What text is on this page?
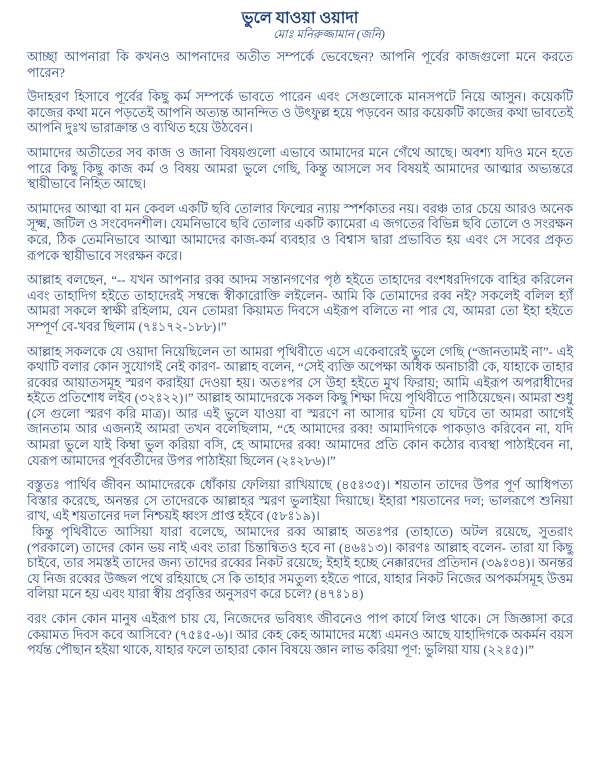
ভুলে যাওয়া ওয়াদা
মোঃ মনিরুজ্জামান (জনি)

আচ্ছা আপনারা কি কখনও আপনাদের অতীত সম্পর্কে ভেবেছেন? আপনি পূর্বের কাজগুলো মনে করতে পারেন?

উদাহরণ হিসাবে পূর্বের কিছু কর্ম সম্পর্কে ভাবতে পারেন এবং সেগুলোকে মানসপটে নিয়ে আসুন। কয়েকটি কাজের কথা মনে পড়তেই আপনি অত্যন্ত আনন্দিত ও উৎফুল্ল হয়ে পড়বেন আর কয়েকটি কাজের কথা ভাবতেই আপনি দুঃখ ভারাক্রান্ত ও ব্যথিত হয়ে উঠবেন।

আমাদের অতীতের সব কাজ ও জানা বিষয়গুলো এভাবে আমাদের মনে গেঁথে আছে। অবশ্য যদিও মনে হতে পারে কিছু কিছু কাজ কর্ম ও বিষয় আমরা ভুলে গেছি, কিন্তু আসলে সব বিষয়ই আমাদের আত্মার অভ্যন্তরে স্থায়ীভাবে নিহিত আছে।

আমাদের আত্মা বা মন কেবল একটি ছবি তোলার ফিল্মের ন্যায় স্পর্শকাতর নয়। বরঞ্চ তার চেয়ে আরও অনেক সূক্ষ্ম, জটিল ও সংবেদনশীল। যেমনিভাবে ছবি তোলার একটি ক্যামেরা এ জগতের বিভিন্ন ছবি তোলে ও সংরক্ষন করে, ঠিক তেমনিভাবে আত্মা আমাদের কাজ-কর্ম ব্যবহার ও বিশ্বাস দ্বারা প্রভাবিত হয় এবং সে সবের প্রকৃত রূপকে স্থায়ীভাবে সংরক্ষন করে।

আল্লাহ বলছেন, “-- যখন আপনার রব্ব আদম সন্তানগণের পৃষ্ঠ হইতে তাহাদের বংশধরদিগকে বাহির করিলেন এবং তাহাদিগ হইতে তাহাদেরই সম্বন্ধে স্বীকারোক্তি লইলেন- আমি কি তোমাদের রব্ব নই? সকলেই বলিল হ্যাঁ আমরা সকলে স্বাক্ষী রহিলাম, যেন তোমরা কিয়ামত দিবসে এইরূপ বলিতে না পার যে, আমরা তো ইহা হইতে সম্পূর্ণ বে-খবর ছিলাম (৭ঃ১৭২-১৮৮)।”

আল্লাহ সকলকে যে ওয়াদা নিয়েছিলেন তা আমরা পৃথিবীতে এসে একেবারেই ভুলে গেছি (“জানতামই না”- এই কথাটি বলার কোন সুযোগই নেই কারণ- আল্লাহ বলেন, “সেই ব্যক্তি অপেক্ষা অধিক অনাচারী কে, যাহাকে তাহার রব্বের আয়াতসমূহ স্মরণ করাইয়া দেওয়া হয়। অতঃপর সে উহা হইতে মুখ ফিরায়; আমি এইরূপ অপরাধীদের হইতে প্রতিশোধ লইব (৩২ঃ২২)।” আল্লাহ আমাদেরকে সকল কিছু শিক্ষা দিয়ে পৃথিবীতে পাঠিয়েছেন। আমরা শুধু (সে গুলো স্মরণ করি মাত্র)। আর এই ভুলে যাওয়া বা স্মরণে না আসার ঘটনা যে ঘটবে তা আমরা আগেই জানতাম আর এজন্যই আমরা তখন বলেছিলাম, “হে আমাদের রব্ব! আমাদিগকে পাকড়াও করিবেন না, যদি আমরা ভুলে যাই কিম্বা ভুল করিয়া বসি, হে আমাদের রব্ব! আমাদের প্রতি কোন কঠোর ব্যবস্থা পাঠাইবেন না, যেরূপ আমাদের পূর্ববর্তীদের উপর পাঠাইয়া ছিলেন (২ঃ২৮৬)।”

বস্তুতঃ পার্থিব জীবন আমাদেরকে ধোঁকায় ফেলিয়া রাখিয়াছে (৪৫ঃ৩৫)। শয়তান তাদের উপর পূর্ণ আধিপত্য বিস্তার করেছে, অনন্তর সে তাদেরকে আল্লাহর স্মরণ ভুলাইয়া দিয়াছে। ইহারা শয়তানের দল; ভালরূপে শুনিয়া রাখ, এই শয়তানের দল নিশ্চয়ই ধ্বংস প্রাপ্ত হইবে (৫৮ঃ১৯)।

কিন্তু পৃথিবীতে আসিয়া যারা বলেছে, আমাদের রব্ব আল্লাহ অতঃপর (তাহাতে) অটল রয়েছে, সুতরাং (পরকালে) তাদের কোন ভয় নাই এবং তারা চিন্তান্বিতও হবে না (৪৬ঃ১৩)। কারণঃ আল্লাহ বলেন- তারা যা কিছু চাইবে, তার সমস্তই তাদের জন্য তাদের রব্বের নিকট রয়েছে; ইহাই হচ্ছে নেক্কারদের প্রতিদান (৩৯ঃ৩৪)। অনন্তর যে নিজ রব্বের উজ্জল পথে রহিয়াছে সে কি তাহার সমতুল্য হইতে পারে, যাহার নিকট নিজের অপকর্মসমূহ উত্তম বলিয়া মনে হয় এবং যারা স্বীয় প্রবৃত্তির অনুসরণ করে চলে? (৪৭ঃ১৪)

বরং কোন কোন মানুষ এইরূপ চায় যে, নিজেদের ভবিষ্যৎ জীবনেও পাপ কার্যে লিপ্ত থাকে। সে জিজ্ঞাসা করে কেয়ামত দিবস কবে আসিবে? (৭৫ঃ৫-৬)। আর কেহ কেহ আমাদের মধ্যে এমনও আছে যাহাদিগকে অকর্মন বয়স পর্যন্ত পৌছান হইয়া থাকে, যাহার ফলে তাহারা কোন বিষয়ে জ্ঞান লাভ করিয়া পূণ: ভুলিয়া যায় (২২ঃ৫)।”
